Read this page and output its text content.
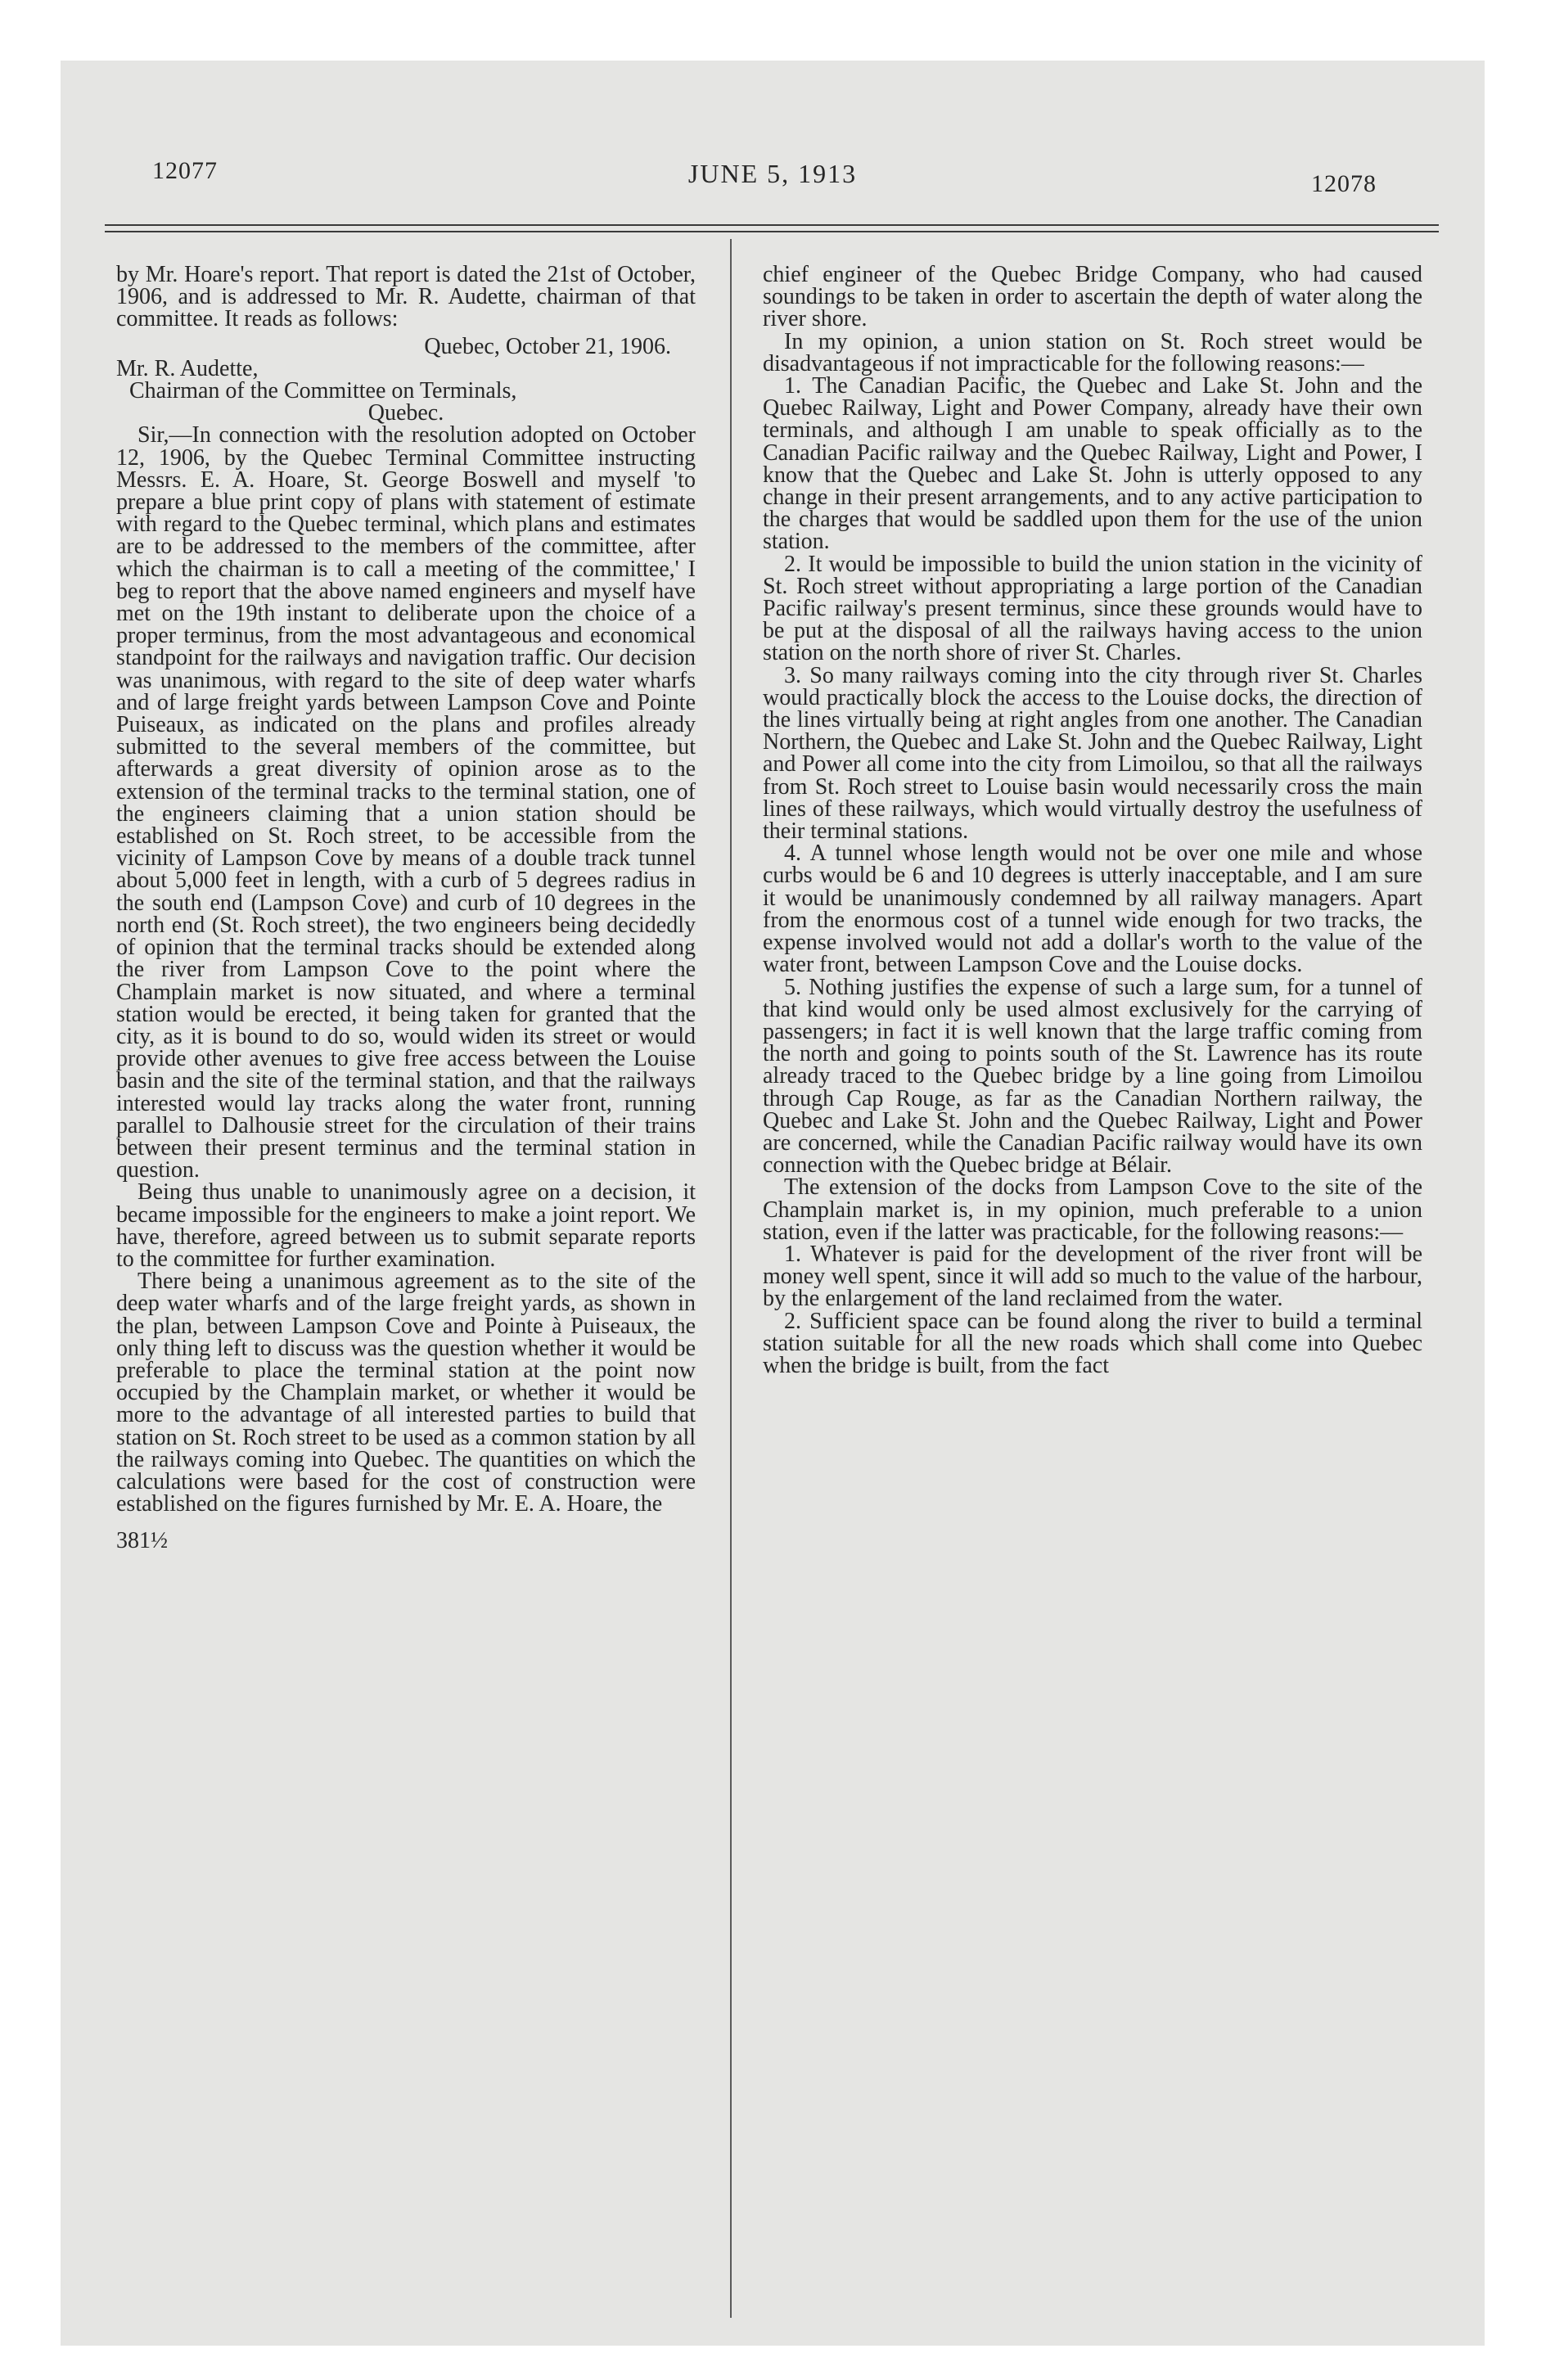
12077	JUNE 5, 1913	12078

by Mr. Hoare's report. That report is dated the 21st of October, 1906, and is addressed to Mr. R. Audette, chairman of that committee. It reads as follows:

Quebec, October 21, 1906.

Mr. R. Audette,

Chairman of the Committee on Terminals,

Quebec.

Sir,—In connection with the resolution adopted on October 12, 1906, by the Quebec Terminal Committee instructing Messrs. E. A. Hoare, St. George Boswell and myself 'to prepare a blue print copy of plans with statement of estimate with regard to the Quebec terminal, which plans and estimates are to be addressed to the members of the committee, after which the chairman is to call a meeting of the committee,' I beg to report that the above named engineers and myself have met on the 19th instant to deliberate upon the choice of a proper terminus, from the most advantageous and economical standpoint for the railways and navigation traffic. Our decision was unanimous, with regard to the site of deep water wharfs and of large freight yards between Lampson Cove and Pointe Puiseaux, as indicated on the plans and profiles already submitted to the several members of the committee, but afterwards a great diversity of opinion arose as to the extension of the terminal tracks to the terminal station, one of the engineers claiming that a union station should be established on St. Roch street, to be accessible from the vicinity of Lampson Cove by means of a double track tunnel about 5,000 feet in length, with a curb of 5 degrees radius in the south end (Lampson Cove) and curb of 10 degrees in the north end (St. Roch street), the two engineers being decidedly of opinion that the terminal tracks should be extended along the river from Lampson Cove to the point where the Champlain market is now situated, and where a terminal station would be erected, it being taken for granted that the city, as it is bound to do so, would widen its street or would provide other avenues to give free access between the Louise basin and the site of the terminal station, and that the railways interested would lay tracks along the water front, running parallel to Dalhousie street for the circulation of their trains between their present terminus and the terminal station in question.

Being thus unable to unanimously agree on a decision, it became impossible for the engineers to make a joint report. We have, therefore, agreed between us to submit separate reports to the committee for further examination.

There being a unanimous agreement as to the site of the deep water wharfs and of the large freight yards, as shown in the plan, between Lampson Cove and Pointe à Puiseaux, the only thing left to discuss was the question whether it would be preferable to place the terminal station at the point now occupied by the Champlain market, or whether it would be more to the advantage of all interested parties to build that station on St. Roch street to be used as a common station by all the railways coming into Quebec. The quantities on which the calculations were based for the cost of construction were established on the figures furnished by Mr. E. A. Hoare, the

381½

chief engineer of the Quebec Bridge Company, who had caused soundings to be taken in order to ascertain the depth of water along the river shore.

In my opinion, a union station on St. Roch street would be disadvantageous if not impracticable for the following reasons:—

1. The Canadian Pacific, the Quebec and Lake St. John and the Quebec Railway, Light and Power Company, already have their own terminals, and although I am unable to speak officially as to the Canadian Pacific railway and the Quebec Railway, Light and Power, I know that the Quebec and Lake St. John is utterly opposed to any change in their present arrangements, and to any active participation to the charges that would be saddled upon them for the use of the union station.

2. It would be impossible to build the union station in the vicinity of St. Roch street without appropriating a large portion of the Canadian Pacific railway's present terminus, since these grounds would have to be put at the disposal of all the railways having access to the union station on the north shore of river St. Charles.

3. So many railways coming into the city through river St. Charles would practically block the access to the Louise docks, the direction of the lines virtually being at right angles from one another. The Canadian Northern, the Quebec and Lake St. John and the Quebec Railway, Light and Power all come into the city from Limoilou, so that all the railways from St. Roch street to Louise basin would necessarily cross the main lines of these railways, which would virtually destroy the usefulness of their terminal stations.

4. A tunnel whose length would not be over one mile and whose curbs would be 6 and 10 degrees is utterly inacceptable, and I am sure it would be unanimously condemned by all railway managers. Apart from the enormous cost of a tunnel wide enough for two tracks, the expense involved would not add a dollar's worth to the value of the water front, between Lampson Cove and the Louise docks.

5. Nothing justifies the expense of such a large sum, for a tunnel of that kind would only be used almost exclusively for the carrying of passengers; in fact it is well known that the large traffic coming from the north and going to points south of the St. Lawrence has its route already traced to the Quebec bridge by a line going from Limoilou through Cap Rouge, as far as the Canadian Northern railway, the Quebec and Lake St. John and the Quebec Railway, Light and Power are concerned, while the Canadian Pacific railway would have its own connection with the Quebec bridge at Bélair.

The extension of the docks from Lampson Cove to the site of the Champlain market is, in my opinion, much preferable to a union station, even if the latter was practicable, for the following reasons:—

1. Whatever is paid for the development of the river front will be money well spent, since it will add so much to the value of the harbour, by the enlargement of the land reclaimed from the water.

2. Sufficient space can be found along the river to build a terminal station suitable for all the new roads which shall come into Quebec when the bridge is built, from the fact
